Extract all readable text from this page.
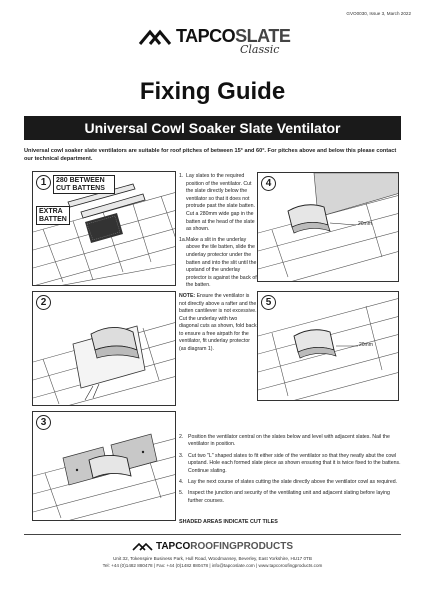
GVO0030, Issue 3, March 2022
TAPCOSLATE
Classic
Fixing Guide
Universal Cowl Soaker Slate Ventilator
Universal cowl soaker slate ventilators are suitable for roof pitches of between 15° and 60°. For pitches above and below this please contact our technical department.
1	280 BETWEEN CUT BATTENS
EXTRA BATTEN
2
3
4
20mm
5
20mm
1. Lay slates to the required position of the ventilator. Cut the slate directly below the ventilator so that it does not protrude past the slate batten. Cut a 280mm wide gap in the batten at the head of the slate as shown.
1a. Make a slit in the underlay above the tile batten, slide the underlay protector under the batten and into the slit until the upstand of the underlay protector is against the back of the batten.
NOTE: Ensure the ventilator is not directly above a rafter and the batten cantilever is not excessive. Cut the underlay with two diagonal cuts as shown, fold back to ensure a free airpath for the ventilator, fit underlay protector (as diagram 1).
2. Position the ventilator central on the slates below and level with adjacent slates. Nail the ventilator in position.
3. Cut two "L" shaped slates to fit either side of the ventilator so that they neatly abut the cowl upstand. Hole each formed slate piece as shown ensuring that it is twice fixed to the battens. Continue slating.
4. Lay the next course of slates cutting the slate directly above the ventilator cowl as required.
5. Inspect the junction and security of the ventilating unit and adjacent slating before laying further courses.
SHADED AREAS INDICATE CUT TILES
TAPCOROOFINGPRODUCTS
Unit 32, Tokenspire Business Park, Hull Road, Woodmansey, Beverley, East Yorkshire, HU17 0TB
Tel: +44 (0)1482 880478 | Fax: +44 (0)1482 880478 | info@tapcoslate.com | www.tapcoroofingproducts.com
